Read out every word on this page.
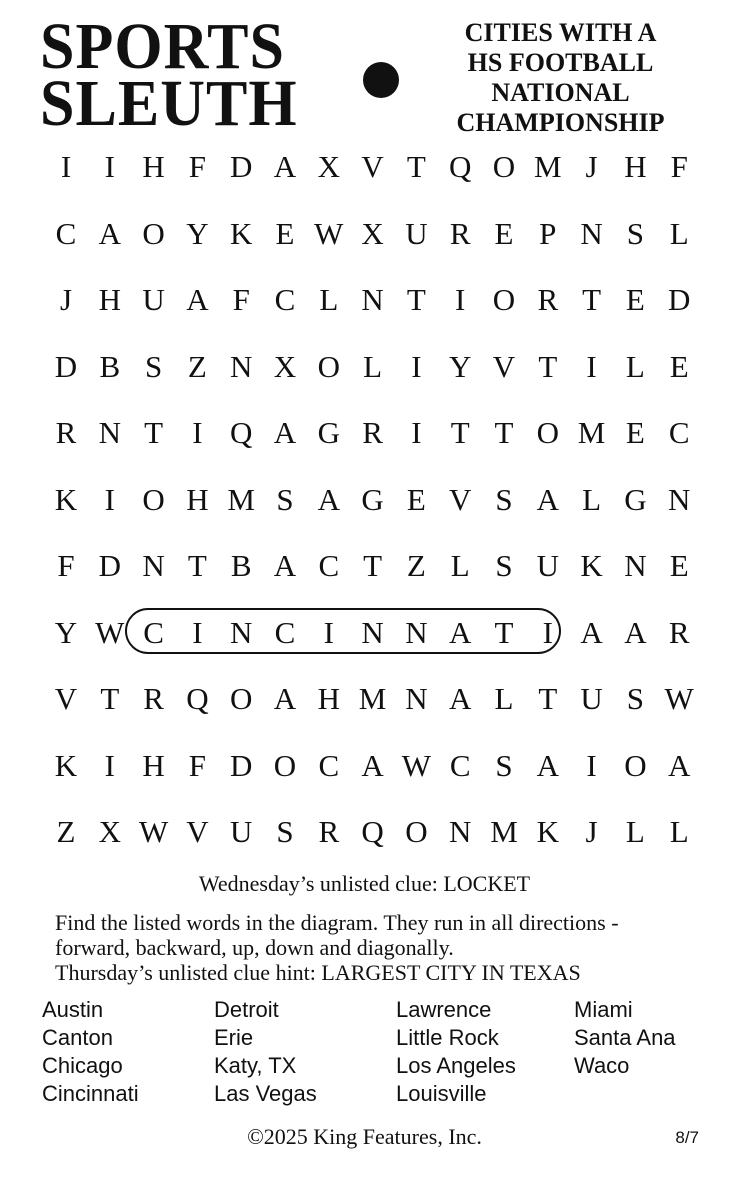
SPORTS
SLEUTH
CITIES WITH A
HS FOOTBALL
NATIONAL
CHAMPIONSHIP
I	I H F D A X V T Q O M J H F
C A O Y K E W X U R E P N S L
J H U A F C L N T I O R T E D
D B S Z N X O L I Y V T I L E
R N T I Q A G R I T T O M E C
K I O H M S A G E V S A L G N
F D N T B A C T Z L S U K N E
Y W C I N C I N N A T I A A R
V T R Q O A H M N A L T U S W
K I H F D O C A W C S A I O A
Z X W V U S R Q O N M K J L L
Wednesday’s unlisted clue: LOCKET
Find the listed words in the diagram. They run in all directions -
forward, backward, up, down and diagonally.
Thursday’s unlisted clue hint: LARGEST CITY IN TEXAS
Austin
Canton
Chicago
Cincinnati
Detroit
Erie
Katy, TX
Las Vegas
Lawrence
Little Rock
Los Angeles
Louisville
Miami
Santa Ana
Waco
©2025 King Features, Inc.	8/7
